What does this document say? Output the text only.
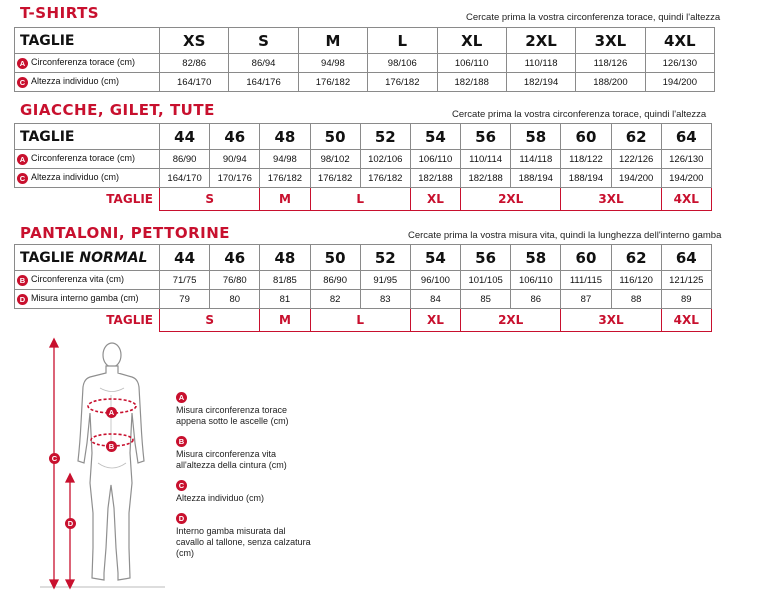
T-SHIRTS	Cercate prima la vostra circonferenza torace, quindi l'altezza
TAGLIE	XS	S	M	L	XL	2XL	3XL	4XL
A Circonferenza torace (cm)	82/86	86/94	94/98	98/106	106/110	110/118	118/126	126/130
C Altezza individuo (cm)	164/170	164/176	176/182	176/182	182/188	182/194	188/200	194/200
GIACCHE, GILET, TUTE	Cercate prima la vostra circonferenza torace, quindi l'altezza
TAGLIE	44	46	48	50	52	54	56	58	60	62	64
A Circonferenza torace (cm)	86/90	90/94	94/98	98/102	102/106	106/110	110/114	114/118	118/122	122/126	126/130
C Altezza individuo (cm)	164/170	170/176	176/182	176/182	176/182	182/188	182/188	188/194	188/194	194/200	194/200
TAGLIE	S		M	L		XL	2XL		3XL		4XL
PANTALONI, PETTORINE	Cercate prima la vostra misura vita, quindi la lunghezza dell'interno gamba
TAGLIE NORMAL	44	46	48	50	52	54	56	58	60	62	64
B Circonferenza vita (cm)	71/75	76/80	81/85	86/90	91/95	96/100	101/105	106/110	111/115	116/120	121/125
D Misura interno gamba (cm)	79	80	81	82	83	84	85	86	87	88	89
TAGLIE	S		M	L		XL	2XL		3XL		4XL
A
B
C
D
A
Misura circonferenza torace appena sotto le ascelle (cm)
B
Misura circonferenza vita all'altezza della cintura (cm)
C
Altezza individuo (cm)
D
Interno gamba misurata dal cavallo al tallone, senza calzatura (cm)
